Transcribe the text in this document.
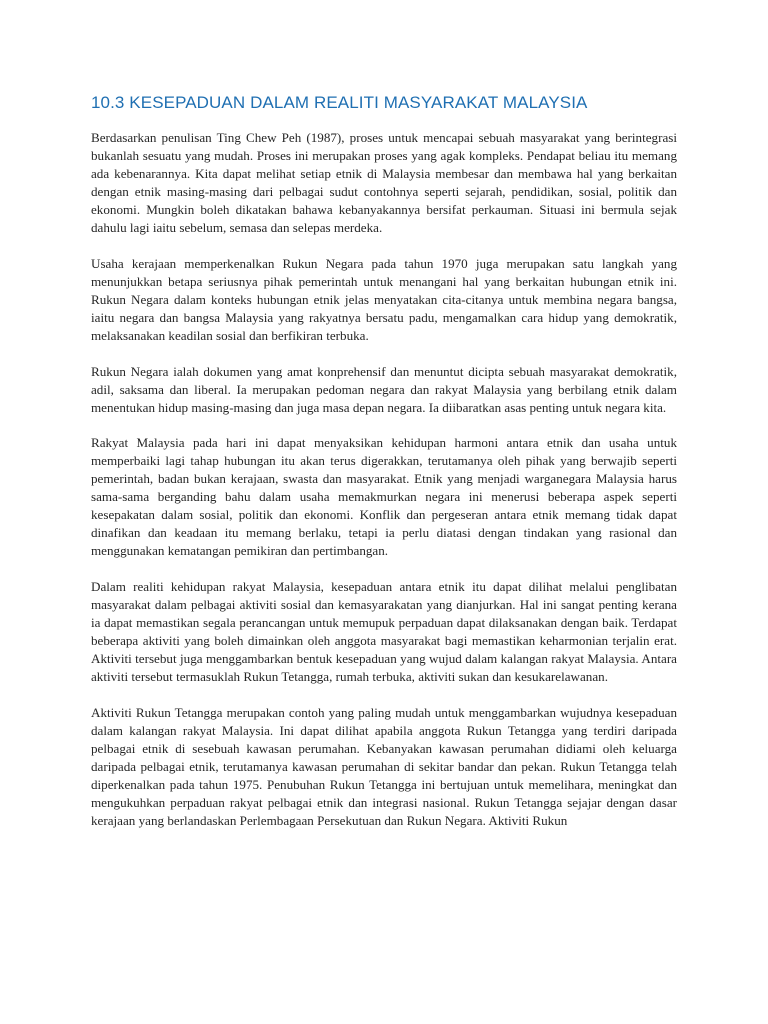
10.3 KESEPADUAN DALAM REALITI MASYARAKAT MALAYSIA

Berdasarkan penulisan Ting Chew Peh (1987), proses untuk mencapai sebuah masyarakat yang berintegrasi bukanlah sesuatu yang mudah. Proses ini merupakan proses yang agak kompleks. Pendapat beliau itu memang ada kebenarannya. Kita dapat melihat setiap etnik di Malaysia membesar dan membawa hal yang berkaitan dengan etnik masing-masing dari pelbagai sudut contohnya seperti sejarah, pendidikan, sosial, politik dan ekonomi. Mungkin boleh dikatakan bahawa kebanyakannya bersifat perkauman. Situasi ini bermula sejak dahulu lagi iaitu sebelum, semasa dan selepas merdeka.

Usaha kerajaan memperkenalkan Rukun Negara pada tahun 1970 juga merupakan satu langkah yang menunjukkan betapa seriusnya pihak pemerintah untuk menangani hal yang berkaitan hubungan etnik ini. Rukun Negara dalam konteks hubungan etnik jelas menyatakan cita-citanya untuk membina negara bangsa, iaitu negara dan bangsa Malaysia yang rakyatnya bersatu padu, mengamalkan cara hidup yang demokratik, melaksanakan keadilan sosial dan berfikiran terbuka.

Rukun Negara ialah dokumen yang amat konprehensif dan menuntut dicipta sebuah masyarakat demokratik, adil, saksama dan liberal. Ia merupakan pedoman negara dan rakyat Malaysia yang berbilang etnik dalam menentukan hidup masing-masing dan juga masa depan negara. Ia diibaratkan asas penting untuk negara kita.

Rakyat Malaysia pada hari ini dapat menyaksikan kehidupan harmoni antara etnik dan usaha untuk memperbaiki lagi tahap hubungan itu akan terus digerakkan, terutamanya oleh pihak yang berwajib seperti pemerintah, badan bukan kerajaan, swasta dan masyarakat. Etnik yang menjadi warganegara Malaysia harus sama-sama berganding bahu dalam usaha memakmurkan negara ini menerusi beberapa aspek seperti kesepakatan dalam sosial, politik dan ekonomi. Konflik dan pergeseran antara etnik memang tidak dapat dinafikan dan keadaan itu memang berlaku, tetapi ia perlu diatasi dengan tindakan yang rasional dan menggunakan kematangan pemikiran dan pertimbangan.

Dalam realiti kehidupan rakyat Malaysia, kesepaduan antara etnik itu dapat dilihat melalui penglibatan masyarakat dalam pelbagai aktiviti sosial dan kemasyarakatan yang dianjurkan. Hal ini sangat penting kerana ia dapat memastikan segala perancangan untuk memupuk perpaduan dapat dilaksanakan dengan baik. Terdapat beberapa aktiviti yang boleh dimainkan oleh anggota masyarakat bagi memastikan keharmonian terjalin erat. Aktiviti tersebut juga menggambarkan bentuk kesepaduan yang wujud dalam kalangan rakyat Malaysia. Antara aktiviti tersebut termasuklah Rukun Tetangga, rumah terbuka, aktiviti sukan dan kesukarelawanan.

Aktiviti Rukun Tetangga merupakan contoh yang paling mudah untuk menggambarkan wujudnya kesepaduan dalam kalangan rakyat Malaysia. Ini dapat dilihat apabila anggota Rukun Tetangga yang terdiri daripada pelbagai etnik di sesebuah kawasan perumahan. Kebanyakan kawasan perumahan didiami oleh keluarga daripada pelbagai etnik, terutamanya kawasan perumahan di sekitar bandar dan pekan. Rukun Tetangga telah diperkenalkan pada tahun 1975. Penubuhan Rukun Tetangga ini bertujuan untuk memelihara, meningkat dan mengukuhkan perpaduan rakyat pelbagai etnik dan integrasi nasional. Rukun Tetangga sejajar dengan dasar kerajaan yang berlandaskan Perlembagaan Persekutuan dan Rukun Negara. Aktiviti Rukun
